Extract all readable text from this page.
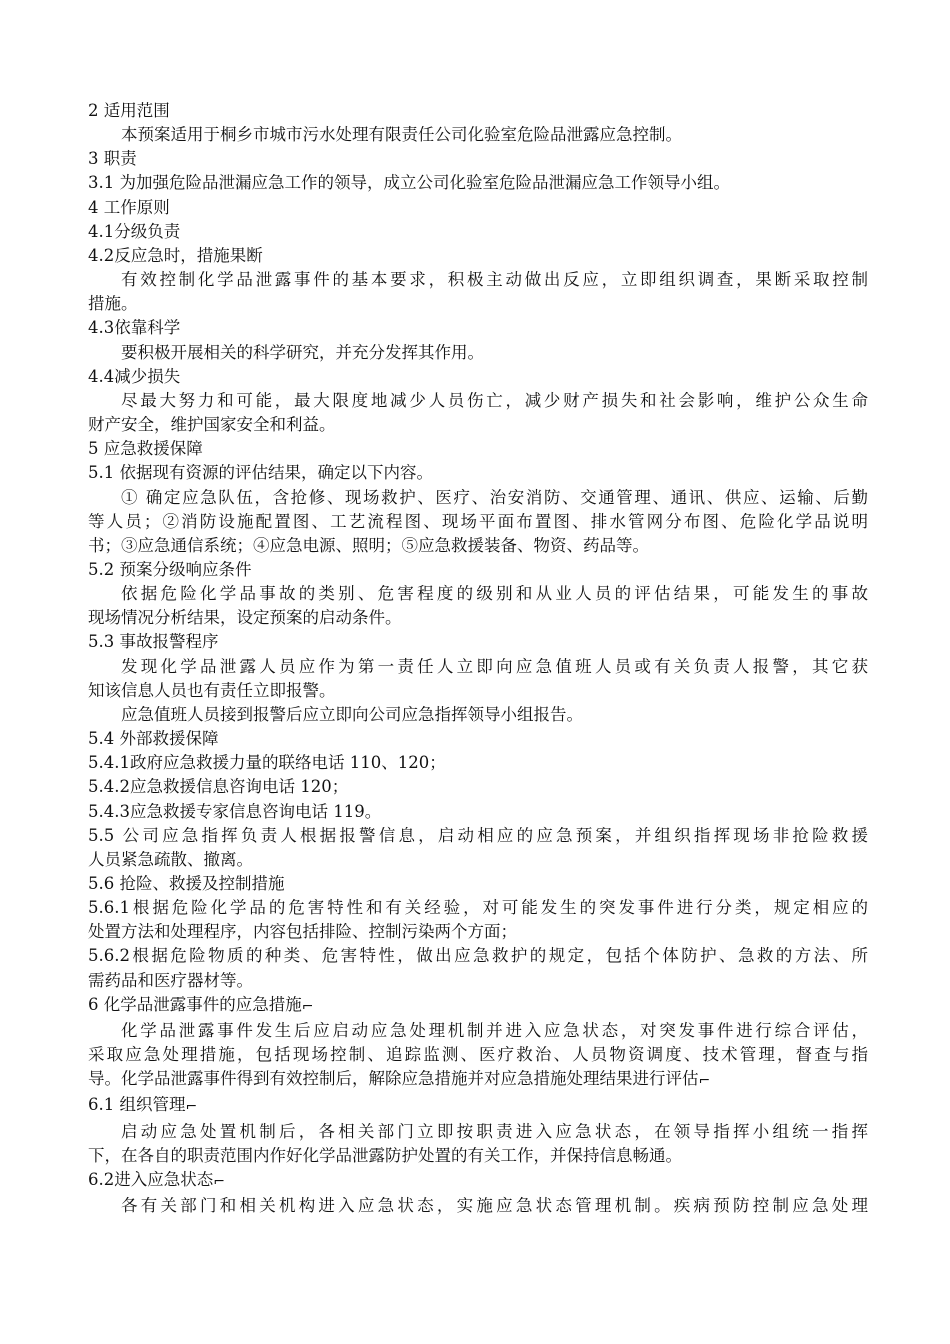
2 适用范围
本预案适用于桐乡市城市污水处理有限责任公司化验室危险品泄露应急控制。
3 职责
3.1 为加强危险品泄漏应急工作的领导，成立公司化验室危险品泄漏应急工作领导小组。
4 工作原则
4.1分级负责
4.2反应急时，措施果断
有效控制化学品泄露事件的基本要求，积极主动做出反应，立即组织调查，果断采取控制
措施。
4.3依靠科学
要积极开展相关的科学研究，并充分发挥其作用。
4.4减少损失
尽最大努力和可能，最大限度地减少人员伤亡，减少财产损失和社会影响，维护公众生命
财产安全，维护国家安全和利益。
5 应急救援保障
5.1 依据现有资源的评估结果，确定以下内容。
① 确定应急队伍，含抢修、现场救护、医疗、治安消防、交通管理、通讯、供应、运输、后勤
等人员；②消防设施配置图、工艺流程图、现场平面布置图、排水管网分布图、危险化学品说明
书；③应急通信系统；④应急电源、照明；⑤应急救援装备、物资、药品等。
5.2 预案分级响应条件
依据危险化学品事故的类别、危害程度的级别和从业人员的评估结果，可能发生的事故
现场情况分析结果，设定预案的启动条件。
5.3 事故报警程序
发现化学品泄露人员应作为第一责任人立即向应急值班人员或有关负责人报警，其它获
知该信息人员也有责任立即报警。
应急值班人员接到报警后应立即向公司应急指挥领导小组报告。
5.4 外部救援保障
5.4.1政府应急救援力量的联络电话 110、120；
5.4.2应急救援信息咨询电话 120；
5.4.3应急救援专家信息咨询电话 119。
5.5 公司应急指挥负责人根据报警信息，启动相应的应急预案，并组织指挥现场非抢险救援
人员紧急疏散、撤离。
5.6 抢险、救援及控制措施
5.6.1根据危险化学品的危害特性和有关经验，对可能发生的突发事件进行分类，规定相应的
处置方法和处理程序，内容包括排险、控制污染两个方面；
5.6.2根据危险物质的种类、危害特性，做出应急救护的规定，包括个体防护、急救的方法、所
需药品和医疗器材等。
6 化学品泄露事件的应急措施⌐
化学品泄露事件发生后应启动应急处理机制并进入应急状态，对突发事件进行综合评估，
采取应急处理措施，包括现场控制、追踪监测、医疗救治、人员物资调度、技术管理，督查与指
导。化学品泄露事件得到有效控制后，解除应急措施并对应急措施处理结果进行评估⌐
6.1 组织管理⌐
启动应急处置机制后，各相关部门立即按职责进入应急状态，在领导指挥小组统一指挥
下，在各自的职责范围内作好化学品泄露防护处置的有关工作，并保持信息畅通。
6.2进入应急状态⌐
各有关部门和相关机构进入应急状态，实施应急状态管理机制。疾病预防控制应急处理
